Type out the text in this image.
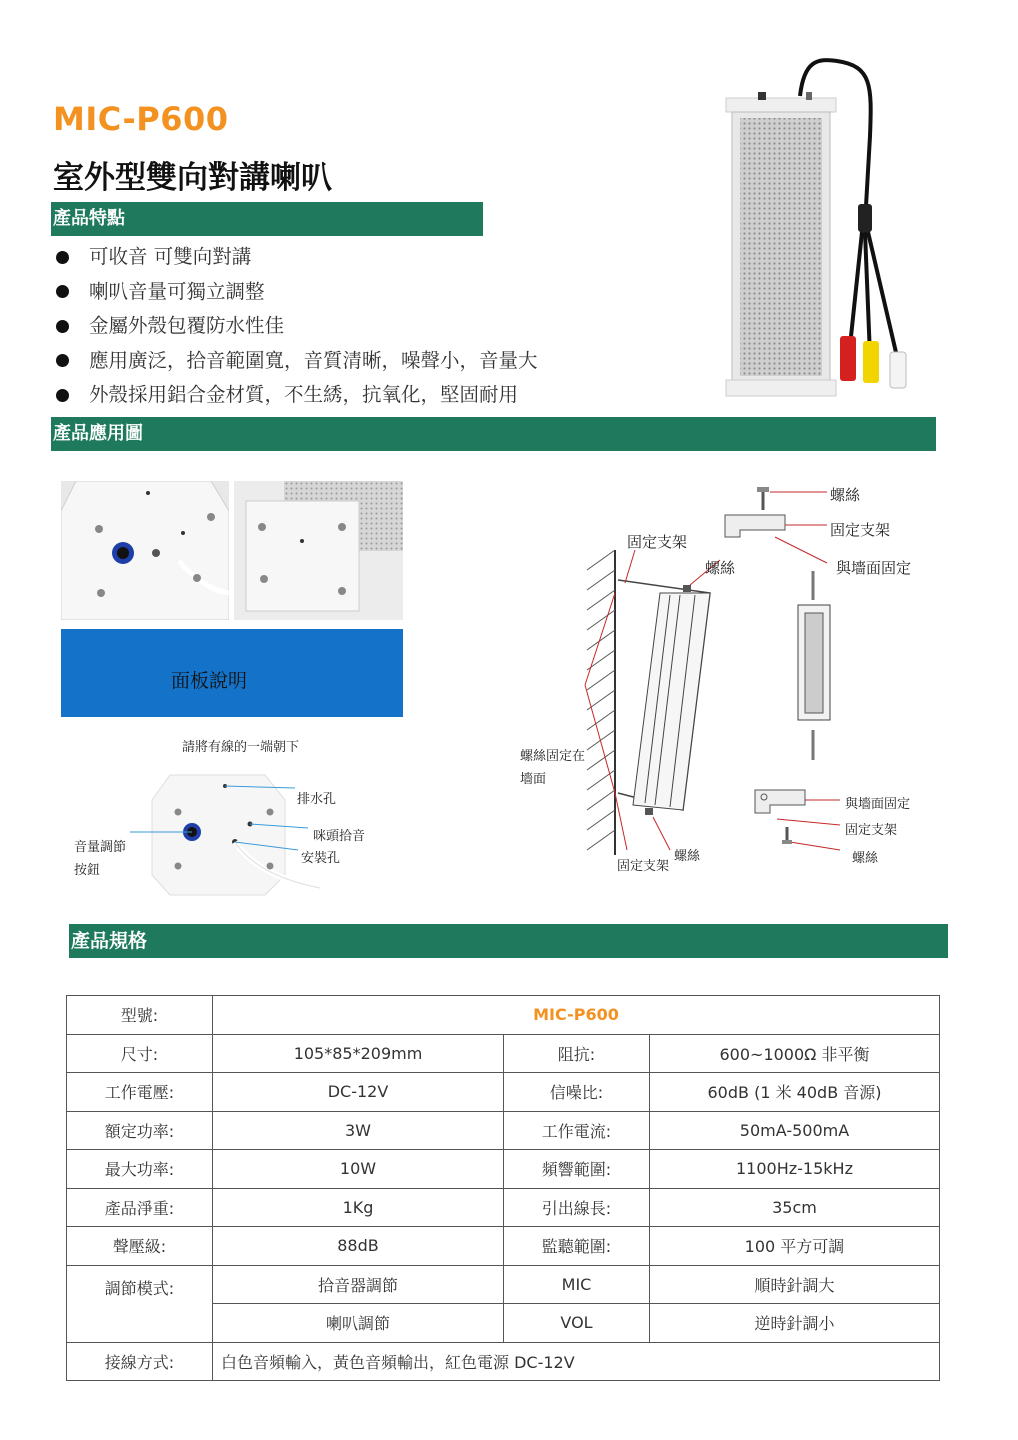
MIC-P600
室外型雙向對講喇叭
產品特點
可收音 可雙向對講
喇叭音量可獨立調整
金屬外殼包覆防水性佳
應用廣泛，拾音範圍寬，音質清晰，噪聲小，音量大
外殼採用鋁合金材質，不生綉，抗氧化，堅固耐用
產品應用圖
面板說明
請將有線的一端朝下
排水孔
咪頭拾音
安裝孔
音量調節
按鈕
螺絲
固定支架
與墻面固定
固定支架
螺絲
螺絲固定在
墻面
固定支架
螺絲
與墻面固定
固定支架
螺絲
產品規格
型號:	MIC-P600		
尺寸:	105*85*209mm	阻抗:	600~1000Ω 非平衡
工作電壓:	DC-12V	信噪比:	60dB (1 米 40dB 音源)
額定功率:	3W	工作電流:	50mA-500mA
最大功率:	10W	頻響範圍:	1100Hz-15kHz
產品淨重:	1Kg	引出線長:	35cm
聲壓級:	88dB	監聽範圍:	100 平方可調
調節模式:	拾音器調節	MIC	順時針調大
	喇叭調節	VOL	逆時針調小
接線方式:	白色音頻輸入，黃色音頻輸出，紅色電源 DC-12V		
